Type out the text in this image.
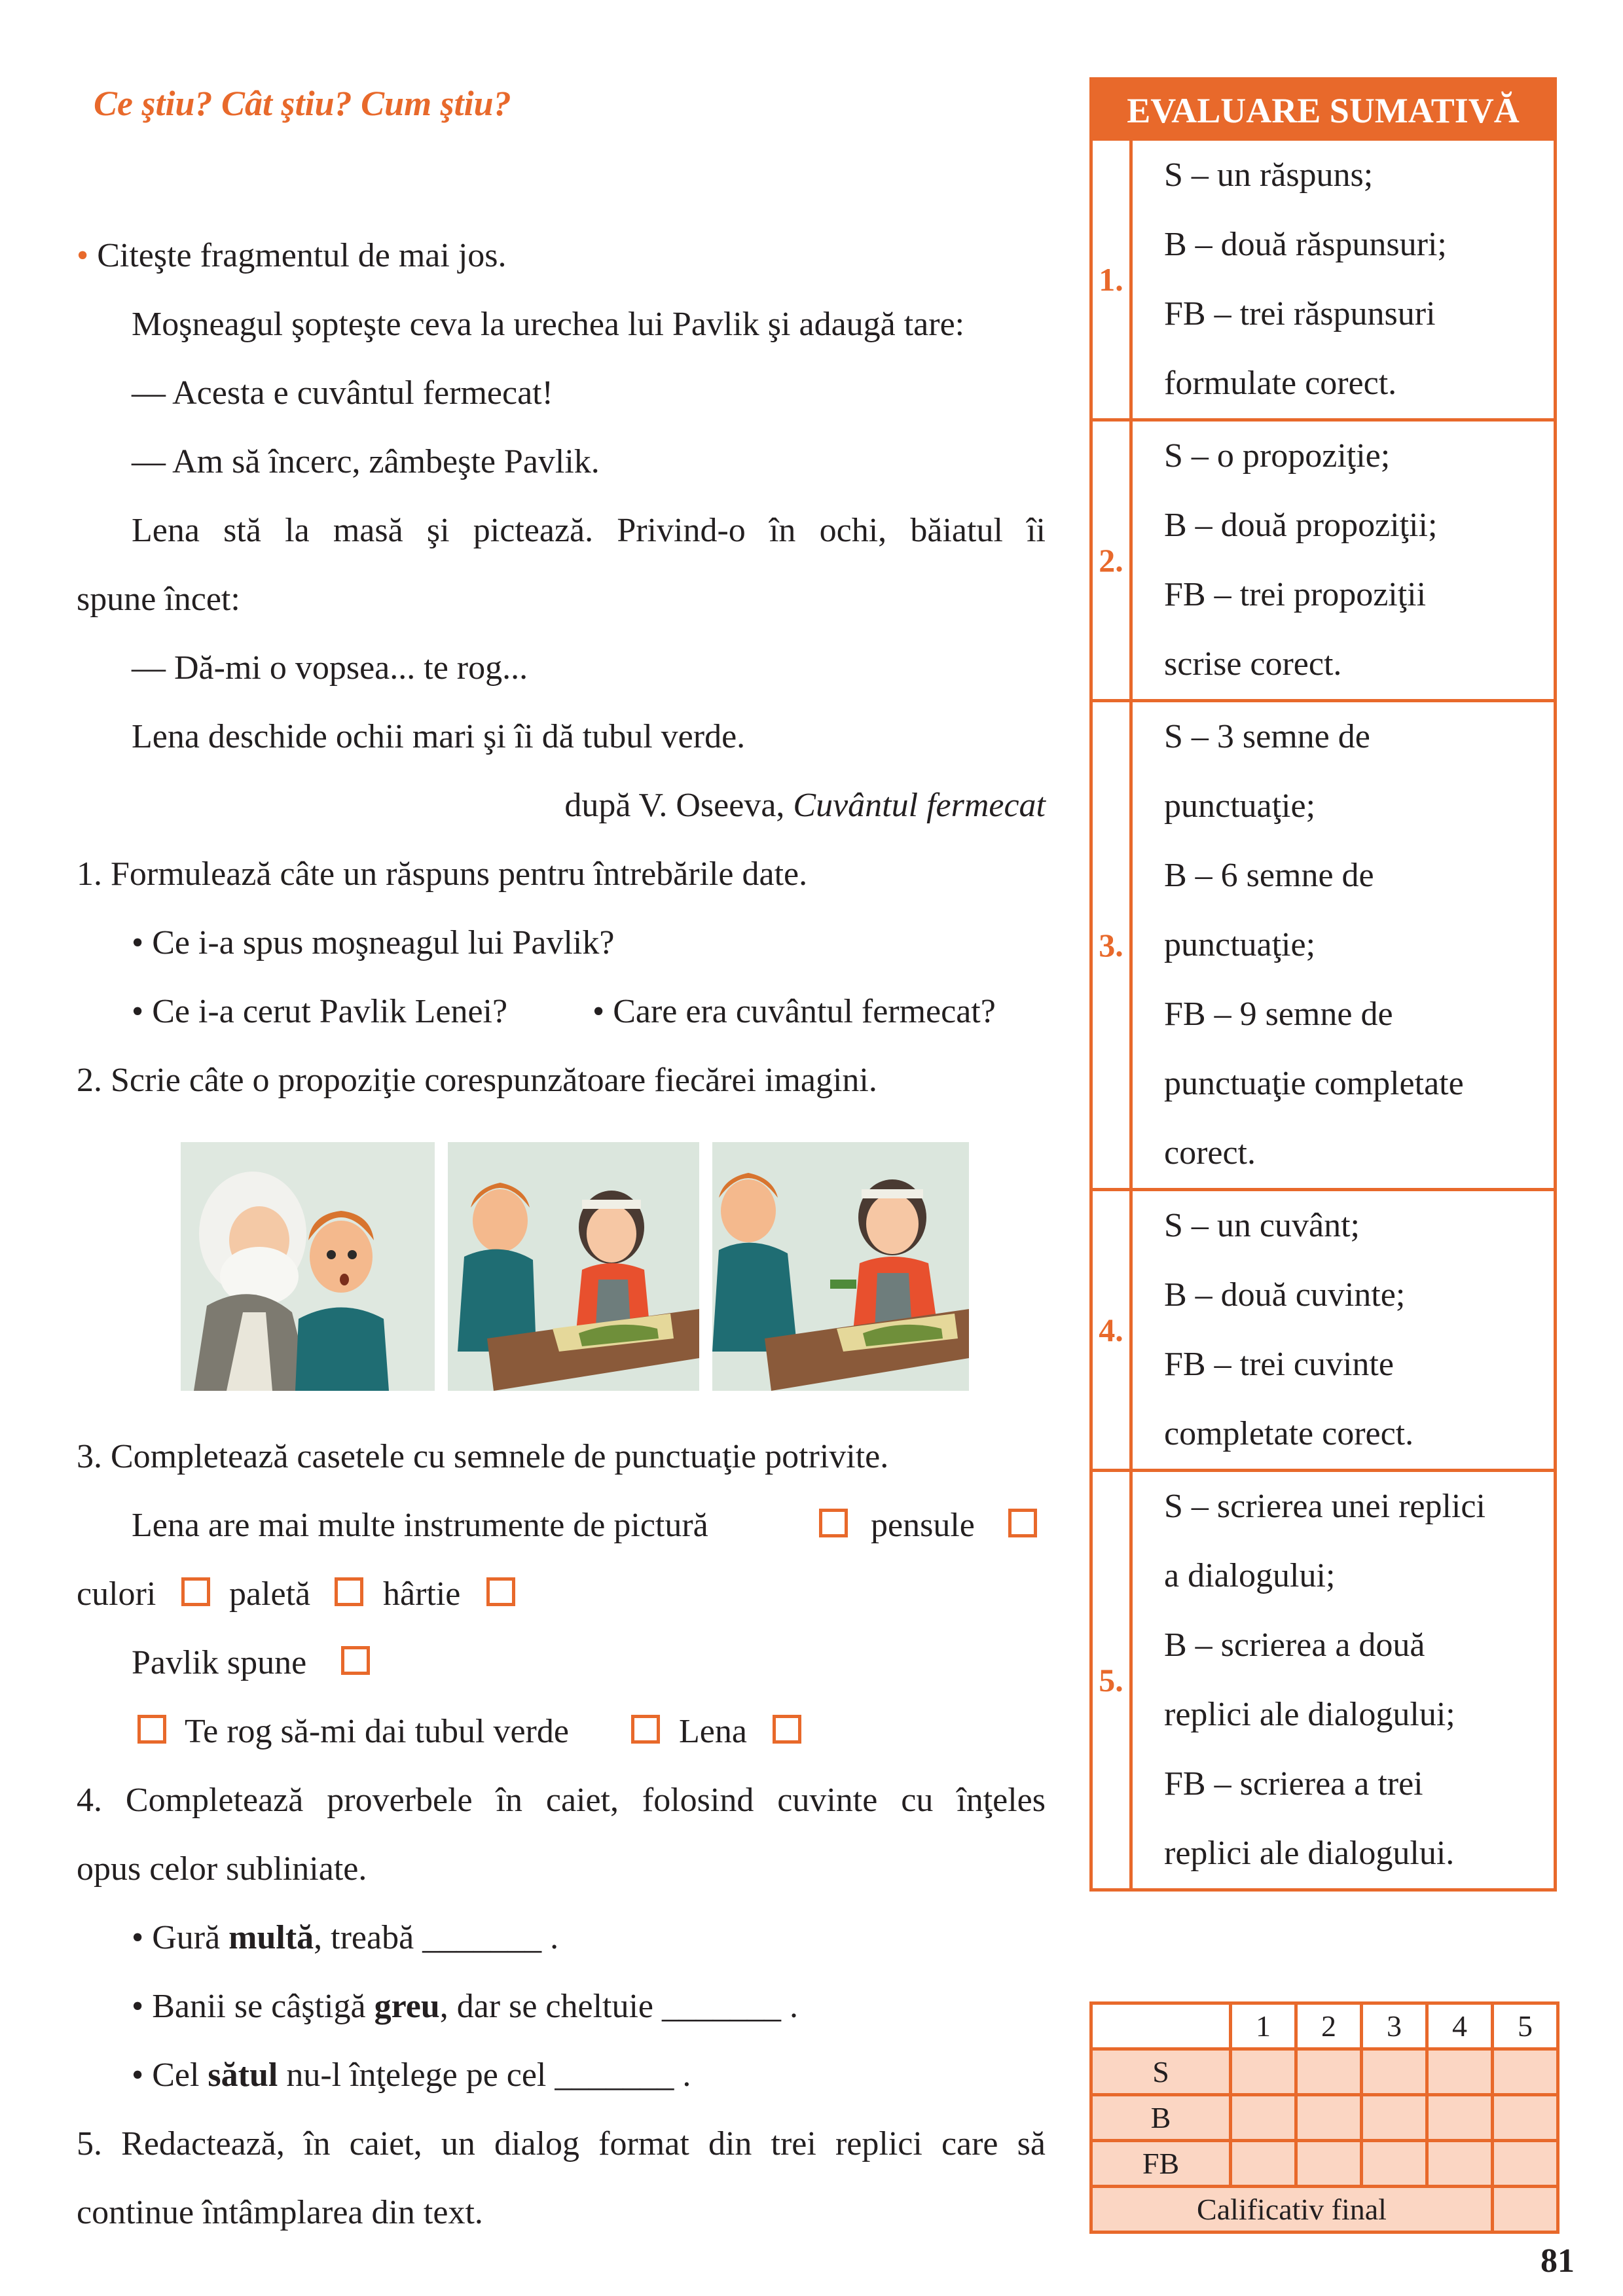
Ce ştiu? Cât ştiu? Cum ştiu?
• Citeşte fragmentul de mai jos.
Moşneagul şopteşte ceva la urechea lui Pavlik şi adaugă tare:
— Acesta e cuvântul fermecat!
— Am să încerc, zâmbeşte Pavlik.
Lena stă la masă şi pictează. Privind-o în ochi, băiatul îi
spune încet:
— Dă-mi o vopsea... te rog...
Lena deschide ochii mari şi îi dă tubul verde.
după V. Oseeva, Cuvântul fermecat
1. Formulează câte un răspuns pentru întrebările date.
• Ce i-a spus moşneagul lui Pavlik?
• Ce i-a cerut Pavlik Lenei? • Care era cuvântul fermecat?
2. Scrie câte o propoziţie corespunzătoare fiecărei imagini.
3. Completează casetele cu semnele de punctuaţie potrivite.
Lena are mai multe instrumente de pictură	pensule
culori paletă hârtie
Pavlik spune
Te rog să-mi dai tubul verde	Lena
4. Completează proverbele în caiet, folosind cuvinte cu înţeles
opus celor subliniate.
• Gură multă, treabă _______ .
• Banii se câştigă greu, dar se cheltuie _______ .
• Cel sătul nu-l înţelege pe cel _______ .
5. Redactează, în caiet, un dialog format din trei replici care să
continue întâmplarea din text.
EVALUARE SUMATIVĂ
1.
S – un răspuns;
B – două răspunsuri;
FB – trei răspunsuri
formulate corect.
2.
S – o propoziţie;
B – două propoziţii;
FB – trei propoziţii
scrise corect.
3.
S – 3 semne de
punctuaţie;
B – 6 semne de
punctuaţie;
FB – 9 semne de
punctuaţie completate
corect.
4.
S – un cuvânt;
B – două cuvinte;
FB – trei cuvinte
completate corect.
5.
S – scrierea unei replici
a dialogului;
B – scrierea a două
replici ale dialogului;
FB – scrierea a trei
replici ale dialogului.
	1	2	3	4	5
S					
B					
FB					
Calificativ final					
81
